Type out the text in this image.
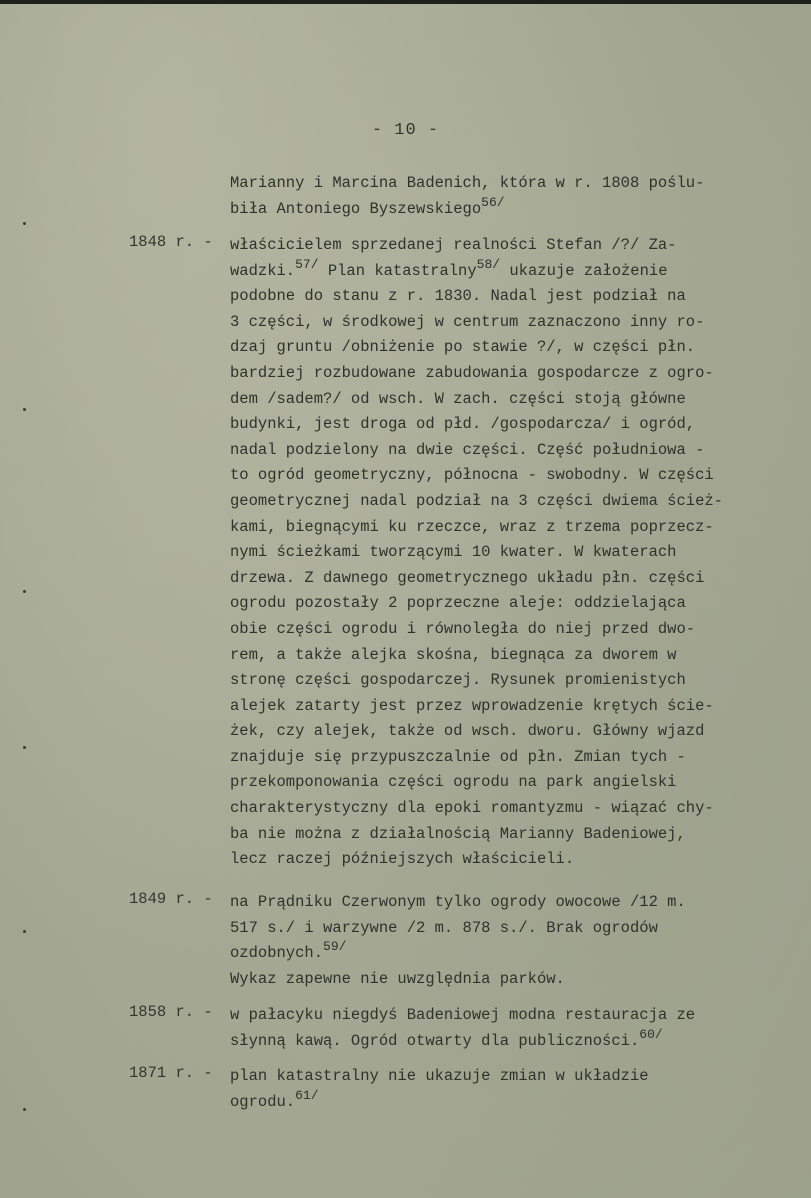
- 10 -
Marianny i Marcina Badenich, która w r. 1808 poślu-
biła Antoniego Byszewskiego$^{56/}$
1848 r. - właścicielem sprzedanej realności Stefan /?/ Za-
wadzki.$^{57/}$ Plan katastralny$^{58/}$ ukazuje założenie
podobne do stanu z r. 1830. Nadal jest podział na
3 części, w środkowej w centrum zaznaczono inny ro-
dzaj gruntu /obniżenie po stawie ?/, w części płn.
bardziej rozbudowane zabudowania gospodarcze z ogro-
dem /sadem?/ od wsch. W zach. części stoją główne
budynki, jest droga od płd. /gospodarcza/ i ogród,
nadal podzielony na dwie części. Część południowa -
to ogród geometryczny, północna - swobodny. W części
geometrycznej nadal podział na 3 części dwiema ścież-
kami, biegnącymi ku rzeczce, wraz z trzema poprzecz-
nymi ścieżkami tworzącymi 10 kwater. W kwaterach
drzewa. Z dawnego geometrycznego układu płn. części
ogrodu pozostały 2 poprzeczne aleje: oddzielająca
obie części ogrodu i równoległa do niej przed dwo-
rem, a także alejka skośna, biegnąca za dworem w
stronę części gospodarczej. Rysunek promienistych
alejek zatarty jest przez wprowadzenie krętych ście-
żek, czy alejek, także od wsch. dworu. Główny wjazd
znajduje się przypuszczalnie od płn. Zmian tych -
przekomponowania części ogrodu na park angielski
charakterystyczny dla epoki romantyzmu - wiązać chy-
ba nie można z działalnością Marianny Badeniowej,
lecz raczej późniejszych właścicieli.
1849 r. - na Prądniku Czerwonym tylko ogrody owocowe /12 m.
517 s./ i warzywne /2 m. 878 s./. Brak ogrodów
ozdobnych.$^{59/}$
Wykaz zapewne nie uwzględnia parków.
1858 r. - w pałacyku niegdyś Badeniowej modna restauracja ze
słynną kawą. Ogród otwarty dla publiczności.$^{60/}$
1871 r. - plan katastralny nie ukazuje zmian w układzie
ogrodu.$^{61/}$
